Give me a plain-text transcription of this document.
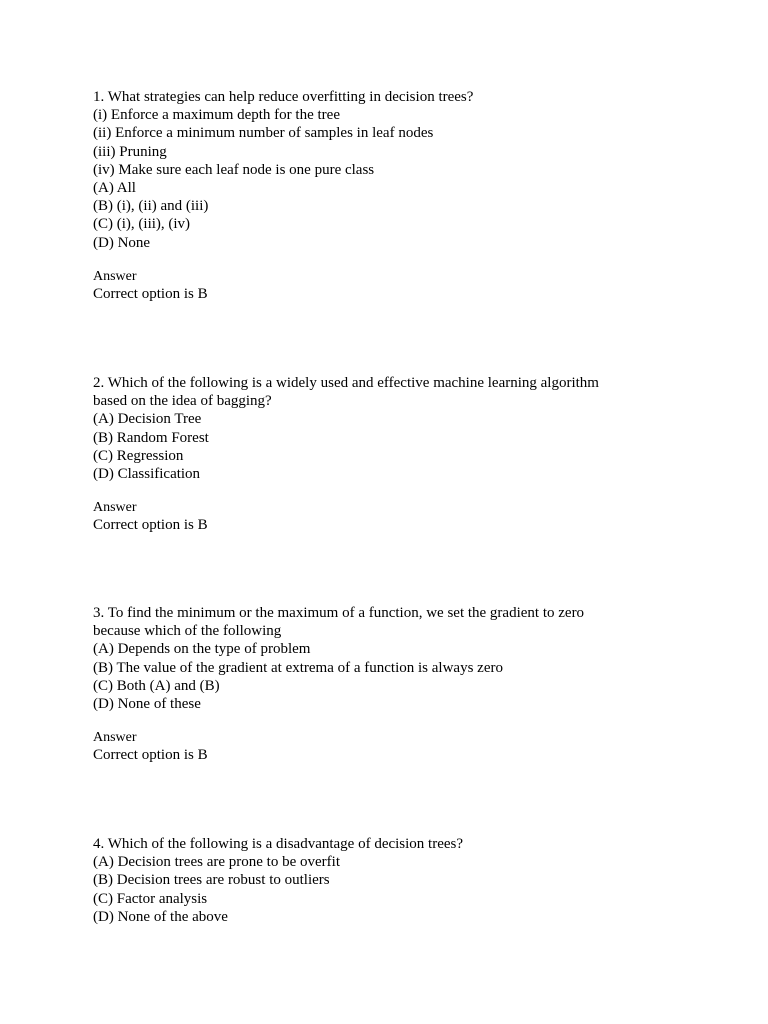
1. What strategies can help reduce overfitting in decision trees?
(i) Enforce a maximum depth for the tree
(ii) Enforce a minimum number of samples in leaf nodes
(iii) Pruning
(iv) Make sure each leaf node is one pure class
(A) All
(B) (i), (ii) and (iii)
(C) (i), (iii), (iv)
(D) None
Answer
Correct option is B
2. Which of the following is a widely used and effective machine learning algorithm
based on the idea of bagging?
(A) Decision Tree
(B) Random Forest
(C) Regression
(D) Classification
Answer
Correct option is B
3. To find the minimum or the maximum of a function, we set the gradient to zero
because which of the following
(A) Depends on the type of problem
(B) The value of the gradient at extrema of a function is always zero
(C) Both (A) and (B)
(D) None of these
Answer
Correct option is B
4. Which of the following is a disadvantage of decision trees?
(A) Decision trees are prone to be overfit
(B) Decision trees are robust to outliers
(C) Factor analysis
(D) None of the above
